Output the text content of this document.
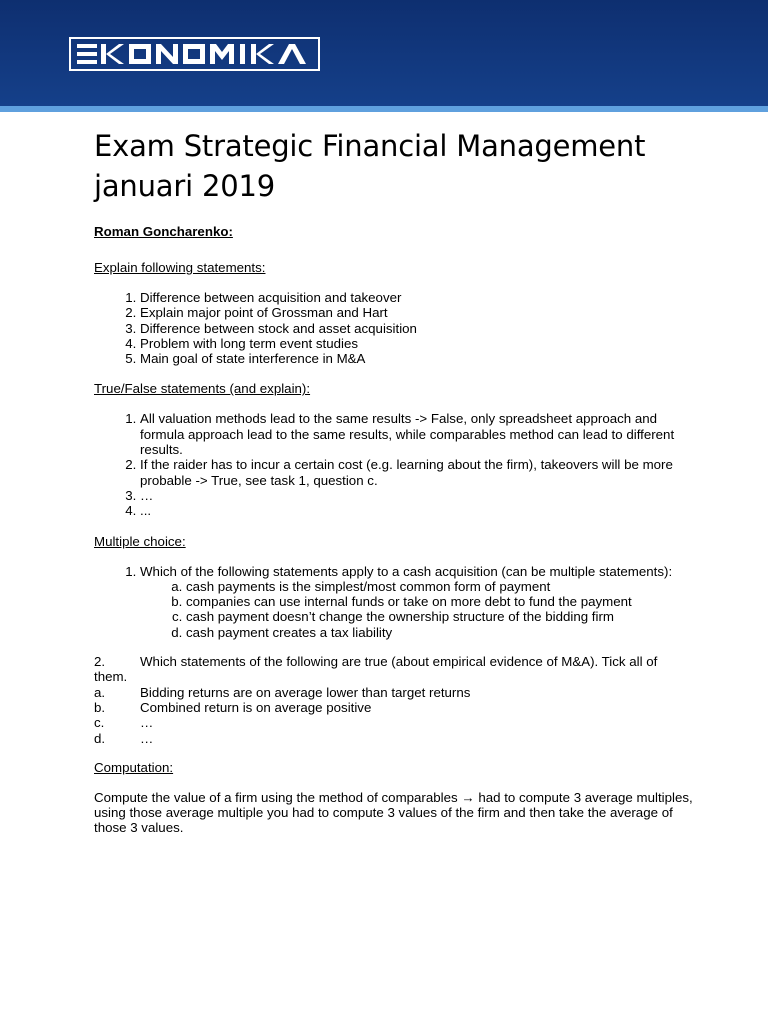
Exam Strategic Financial Management januari 2019

Roman Goncharenko:

Explain following statements:

1. Difference between acquisition and takeover
2. Explain major point of Grossman and Hart
3. Difference between stock and asset acquisition
4. Problem with long term event studies
5. Main goal of state interference in M&A

True/False statements (and explain):

1. All valuation methods lead to the same results -> False, only spreadsheet approach and formula approach lead to the same results, while comparables method can lead to different results.
2. If the raider has to incur a certain cost (e.g. learning about the firm), takeovers will be more probable -> True, see task 1, question c.
3. …
4. ...

Multiple choice:

1. Which of the following statements apply to a cash acquisition (can be multiple statements):
a. cash payments is the simplest/most common form of payment
b. companies can use internal funds or take on more debt to fund the payment
c. cash payment doesn’t change the ownership structure of the bidding firm
d. cash payment creates a tax liability

2.	Which statements of the following are true (about empirical evidence of M&A). Tick all of them.

a.	Bidding returns are on average lower than target returns
b.	Combined return is on average positive
c.	…
d.	…

Computation:

Compute the value of a firm using the method of comparables → had to compute 3 average multiples, using those average multiple you had to compute 3 values of the firm and then take the average of those 3 values.
